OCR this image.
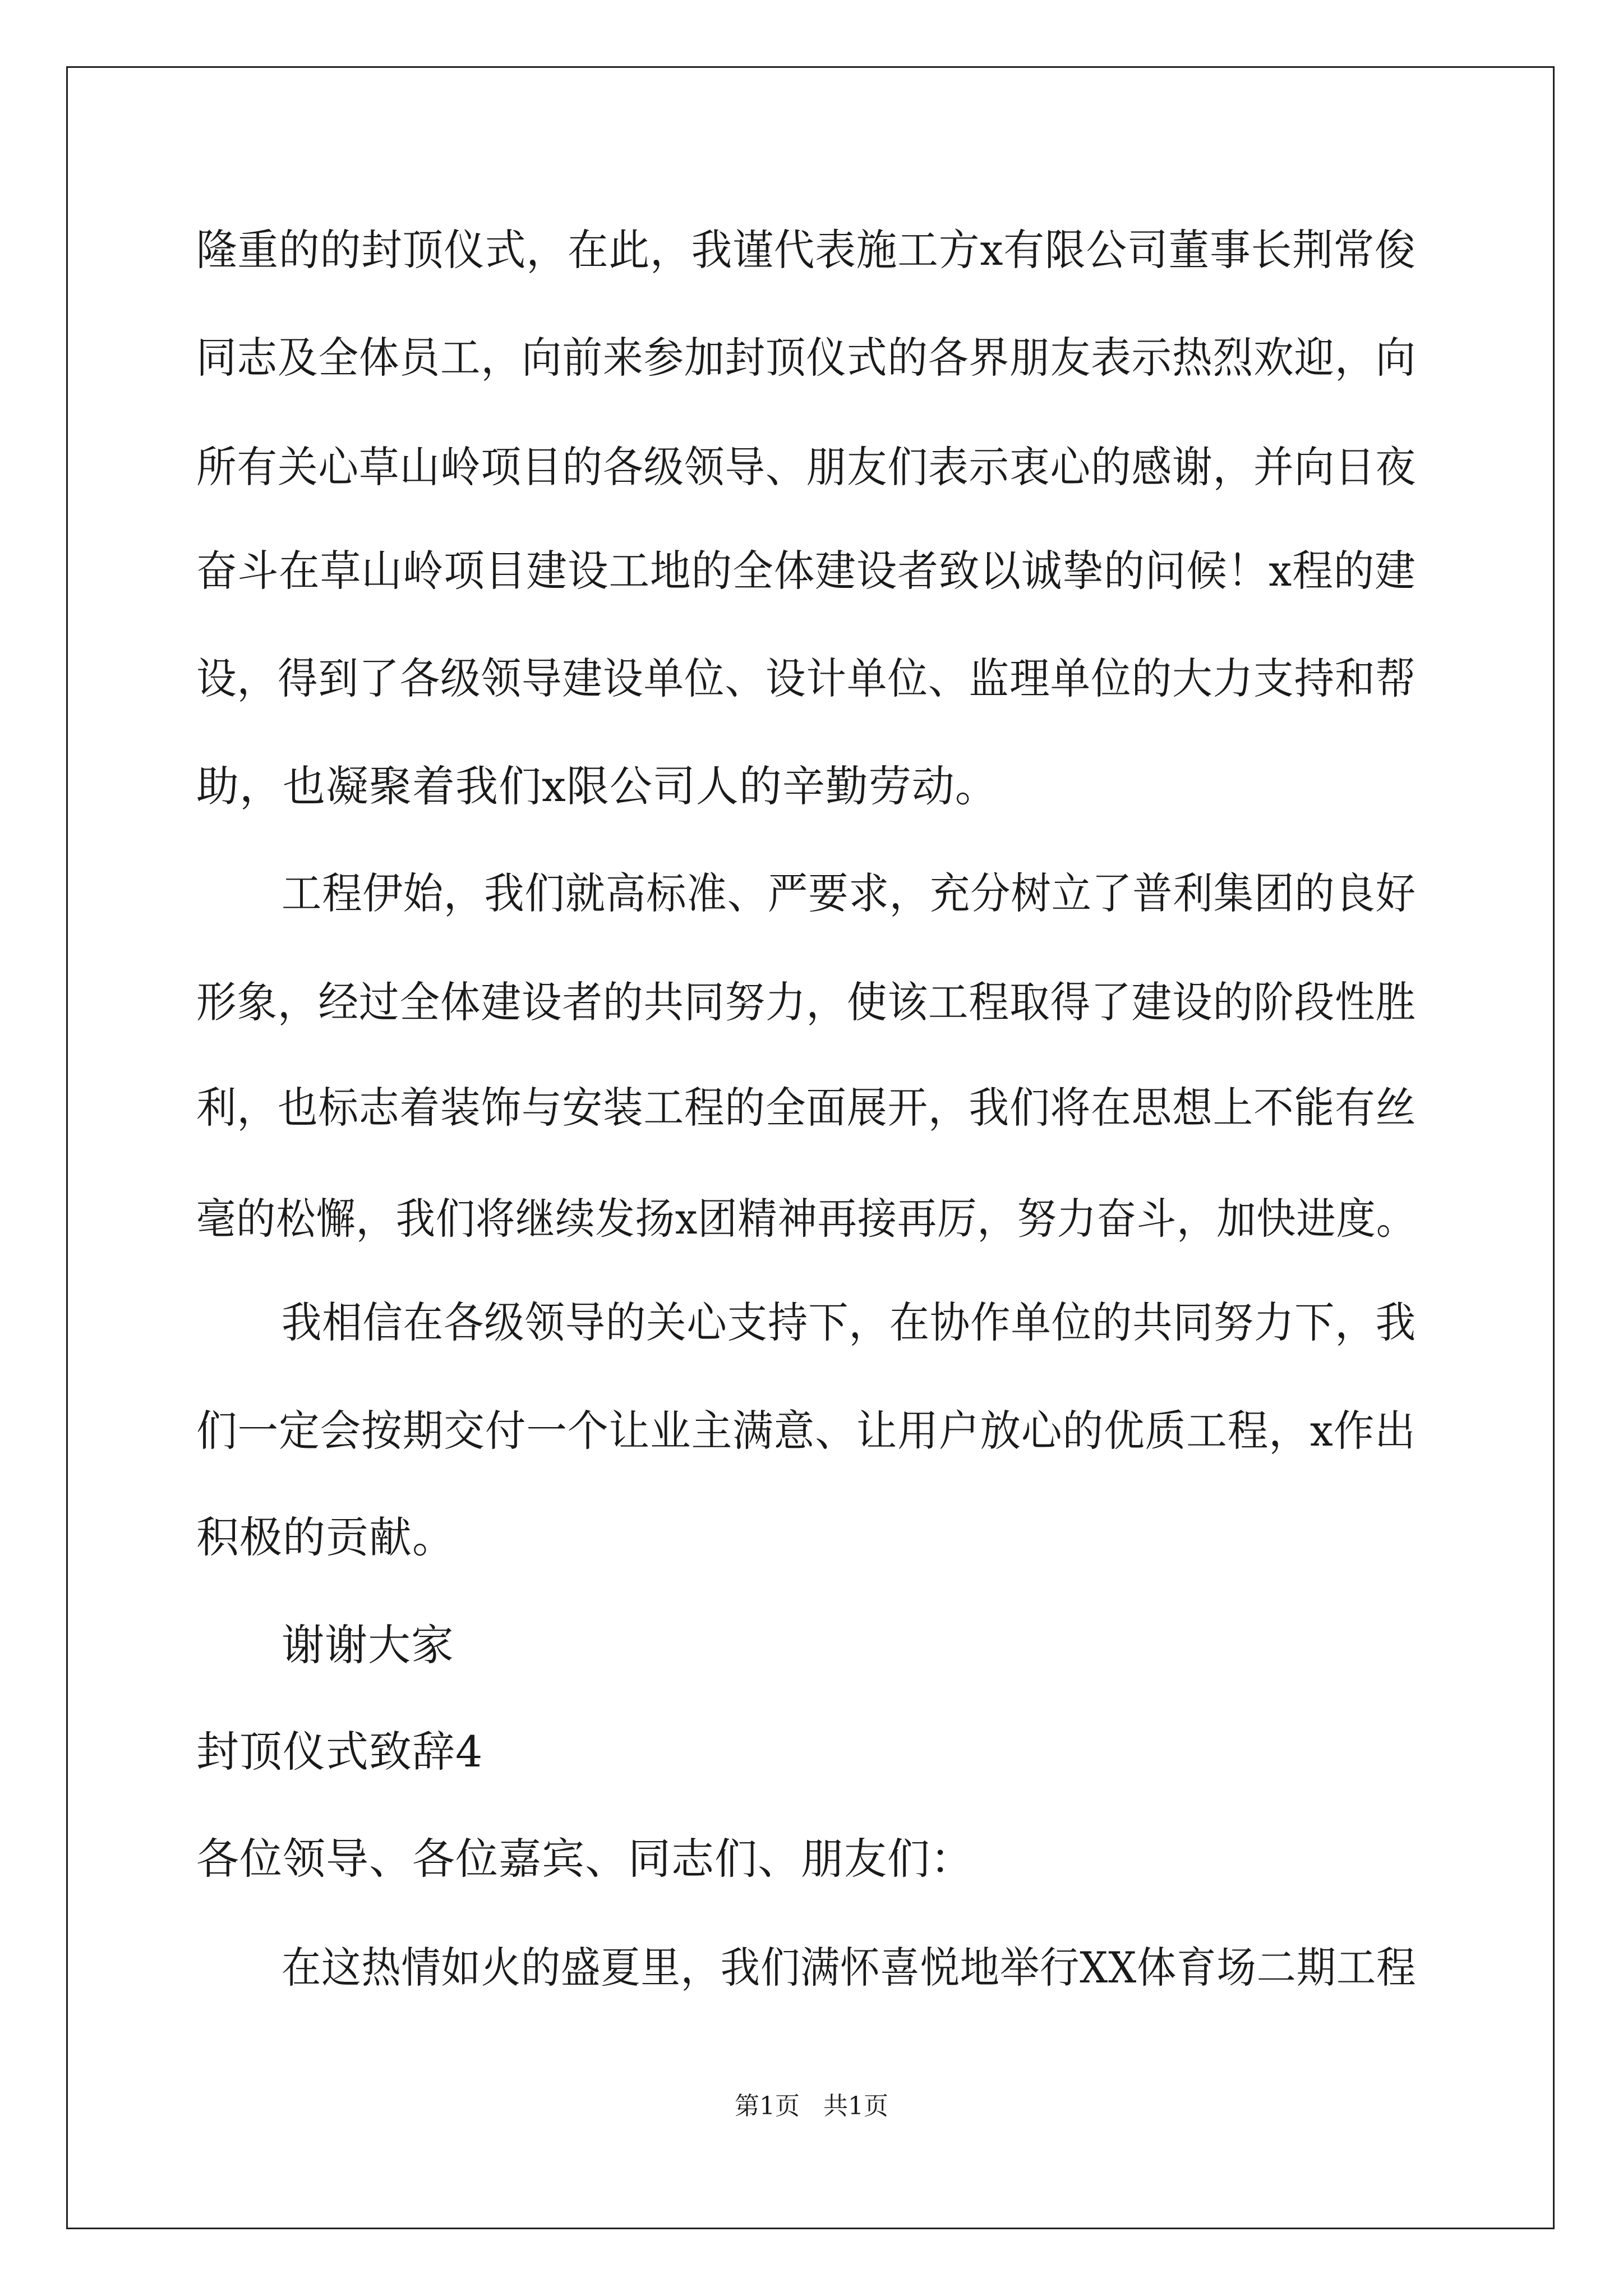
隆重的的封顶仪式，在此，我谨代表施工方x有限公司董事长荆常俊
同志及全体员工，向前来参加封顶仪式的各界朋友表示热烈欢迎，向
所有关心草山岭项目的各级领导、朋友们表示衷心的感谢，并向日夜
奋斗在草山岭项目建设工地的全体建设者致以诚挚的问候！x程的建
设，得到了各级领导建设单位、设计单位、监理单位的大力支持和帮
助，也凝聚着我们x限公司人的辛勤劳动。
工程伊始，我们就高标准、严要求，充分树立了普利集团的良好
形象，经过全体建设者的共同努力，使该工程取得了建设的阶段性胜
利，也标志着装饰与安装工程的全面展开，我们将在思想上不能有丝
毫的松懈，我们将继续发扬x团精神再接再厉，努力奋斗，加快进度。
我相信在各级领导的关心支持下，在协作单位的共同努力下，我
们一定会按期交付一个让业主满意、让用户放心的优质工程，x作出
积极的贡献。
谢谢大家
封顶仪式致辞4
各位领导、各位嘉宾、同志们、朋友们：
在这热情如火的盛夏里，我们满怀喜悦地举行XX体育场二期工程
第1页   共1页
